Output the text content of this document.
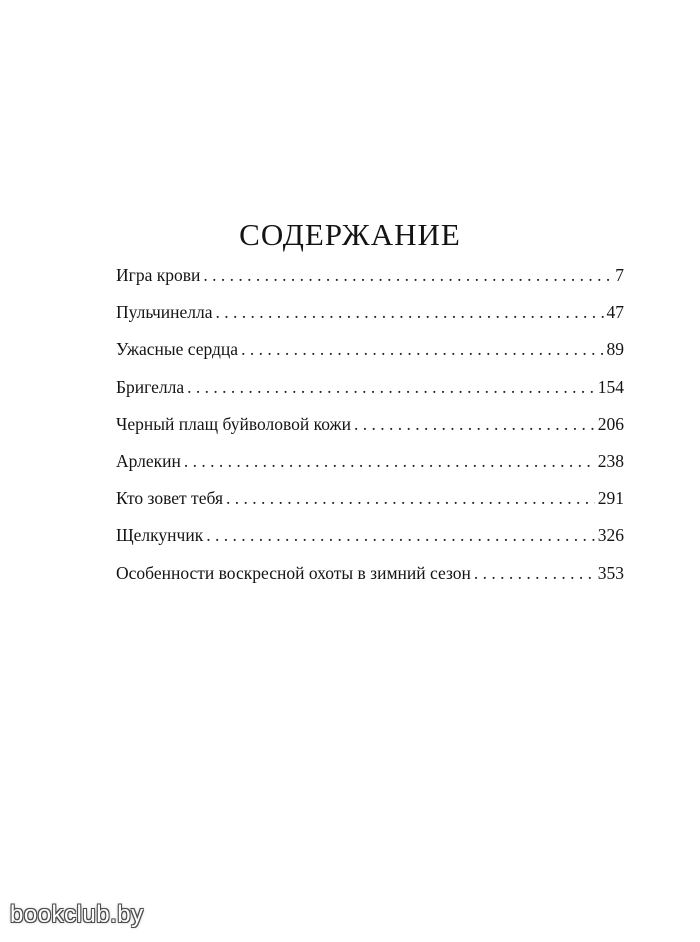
СОДЕРЖАНИЕ
Игра крови . . .	7
Пульчинелла . . .	47
Ужасные сердца . . .	89
Бригелла . . .	154
Черный плащ буйволовой кожи . . .	206
Арлекин . . .	238
Кто зовет тебя . . .	291
Щелкунчик . . .	326
Особенности воскресной охоты в зимний сезон . . .	353
bookclub.by
